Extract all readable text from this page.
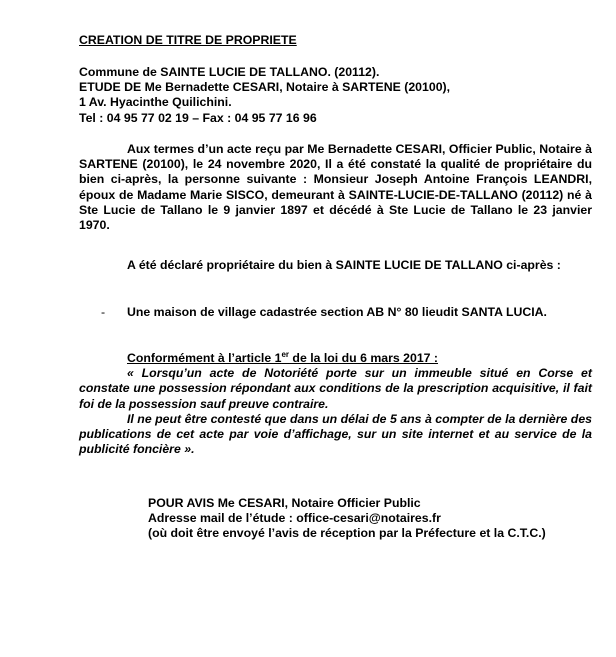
CREATION DE TITRE DE PROPRIETE
Commune de SAINTE LUCIE DE TALLANO. (20112).
ETUDE DE Me Bernadette CESARI, Notaire à SARTENE (20100),
1 Av. Hyacinthe Quilichini.
Tel : 04 95 77 02 19 – Fax : 04 95 77 16 96
Aux termes d’un acte reçu par Me Bernadette CESARI, Officier Public, Notaire à SARTENE (20100), le 24 novembre 2020, Il a été constaté la qualité de propriétaire du bien ci-après, la personne suivante : Monsieur Joseph Antoine François LEANDRI, époux de Madame Marie SISCO, demeurant à SAINTE-LUCIE-DE-TALLANO (20112) né à Ste Lucie de Tallano le 9 janvier 1897 et décédé à Ste Lucie de Tallano le 23 janvier 1970.
A été déclaré propriétaire du bien à SAINTE LUCIE DE TALLANO ci-après :
- Une maison de village cadastrée section AB N° 80 lieudit SANTA LUCIA.
Conformément à l’article 1er de la loi du 6 mars 2017 :
« Lorsqu’un acte de Notoriété porte sur un immeuble situé en Corse et constate une possession répondant aux conditions de la prescription acquisitive, il fait foi de la possession sauf preuve contraire.
Il ne peut être contesté que dans un délai de 5 ans à compter de la dernière des publications de cet acte par voie d’affichage, sur un site internet et au service de la publicité foncière ».
POUR AVIS Me CESARI, Notaire Officier Public
Adresse mail de l’étude : office-cesari@notaires.fr
(où doit être envoyé l’avis de réception par la Préfecture et la C.T.C.)
